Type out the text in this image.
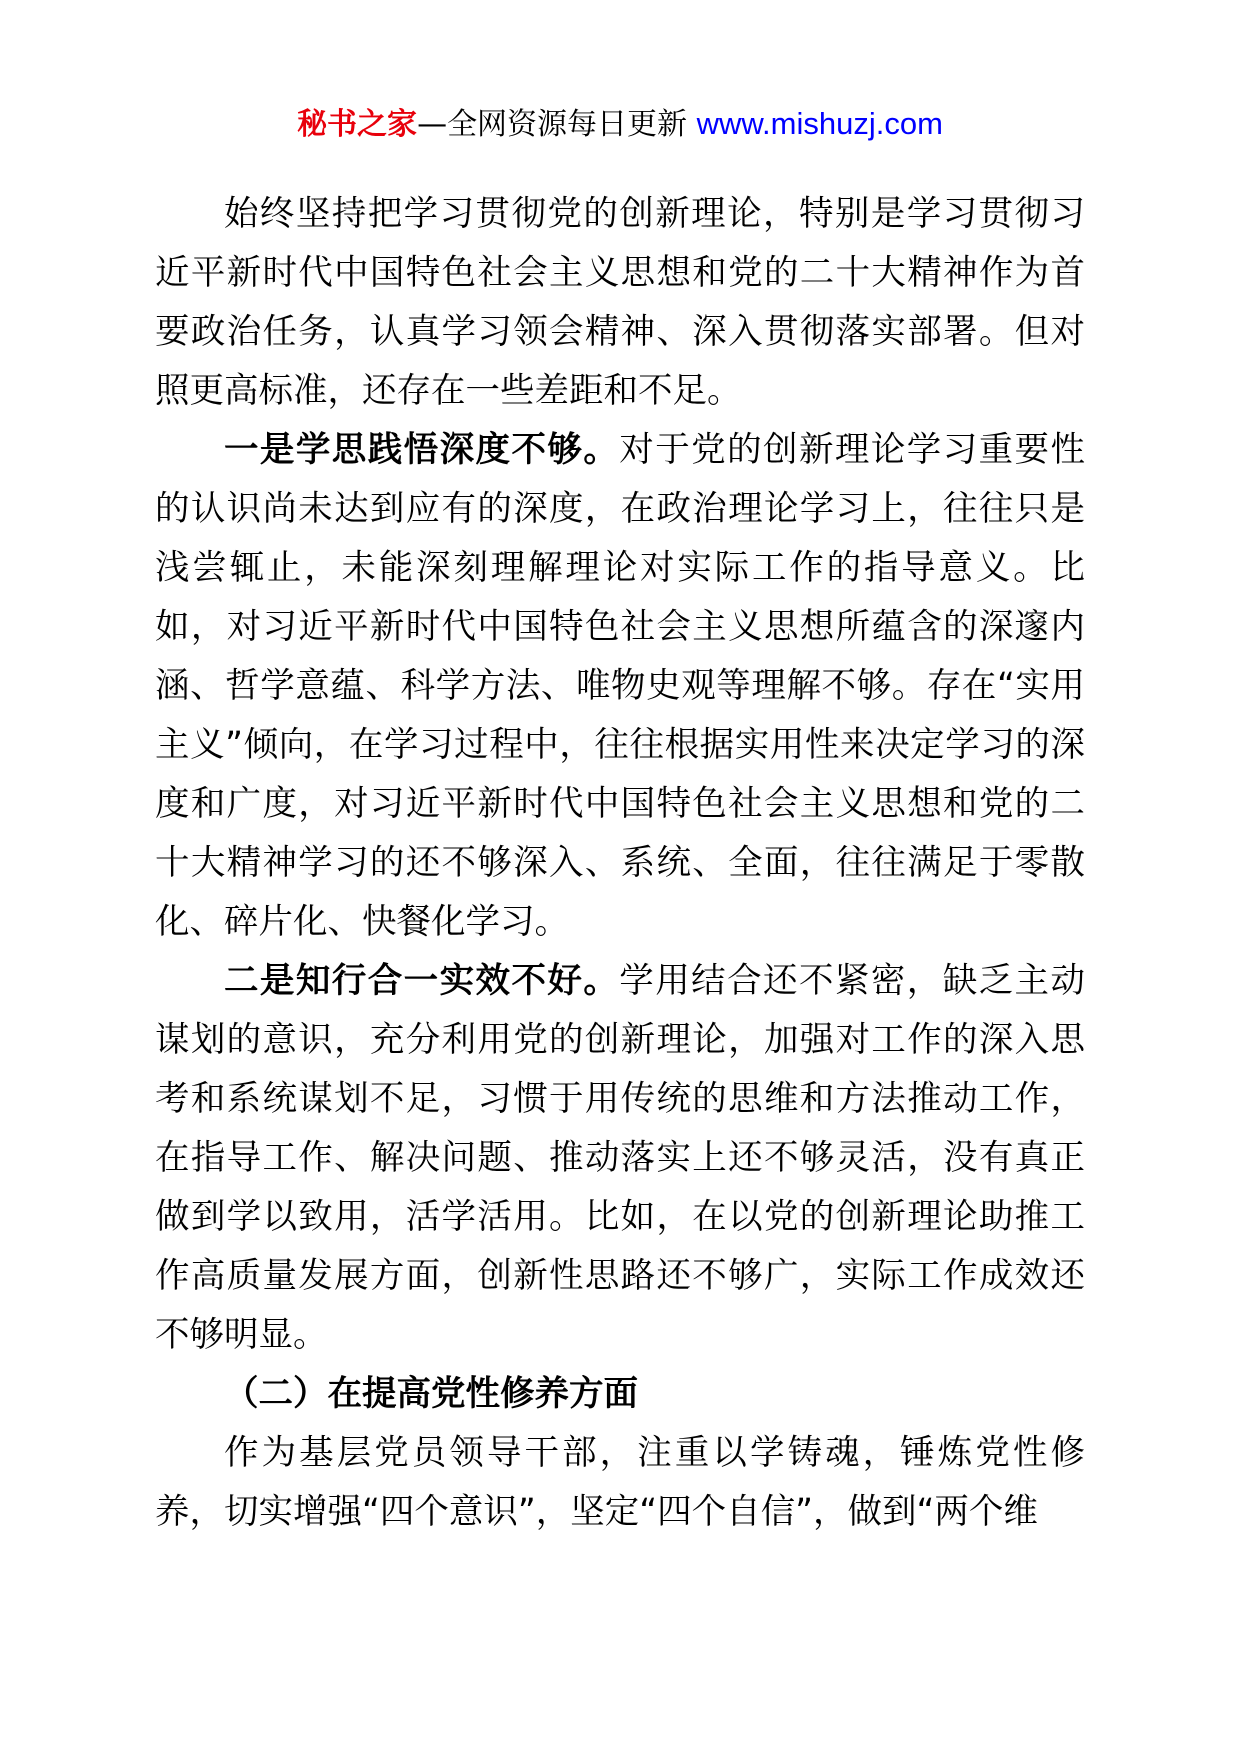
秘书之家—全网资源每日更新 www.mishuzj.com

始终坚持把学习贯彻党的创新理论，特别是学习贯彻习近平新时代中国特色社会主义思想和党的二十大精神作为首要政治任务，认真学习领会精神、深入贯彻落实部署。但对照更高标准，还存在一些差距和不足。

一是学思践悟深度不够。对于党的创新理论学习重要性的认识尚未达到应有的深度，在政治理论学习上，往往只是浅尝辄止，未能深刻理解理论对实际工作的指导意义。比如，对习近平新时代中国特色社会主义思想所蕴含的深邃内涵、哲学意蕴、科学方法、唯物史观等理解不够。存在“实用主义”倾向，在学习过程中，往往根据实用性来决定学习的深度和广度，对习近平新时代中国特色社会主义思想和党的二十大精神学习的还不够深入、系统、全面，往往满足于零散化、碎片化、快餐化学习。

二是知行合一实效不好。学用结合还不紧密，缺乏主动谋划的意识，充分利用党的创新理论，加强对工作的深入思考和系统谋划不足，习惯于用传统的思维和方法推动工作，在指导工作、解决问题、推动落实上还不够灵活，没有真正做到学以致用，活学活用。比如，在以党的创新理论助推工作高质量发展方面，创新性思路还不够广，实际工作成效还不够明显。

（二）在提高党性修养方面

作为基层党员领导干部，注重以学铸魂，锤炼党性修养，切实增强“四个意识”，坚定“四个自信”，做到“两个维
